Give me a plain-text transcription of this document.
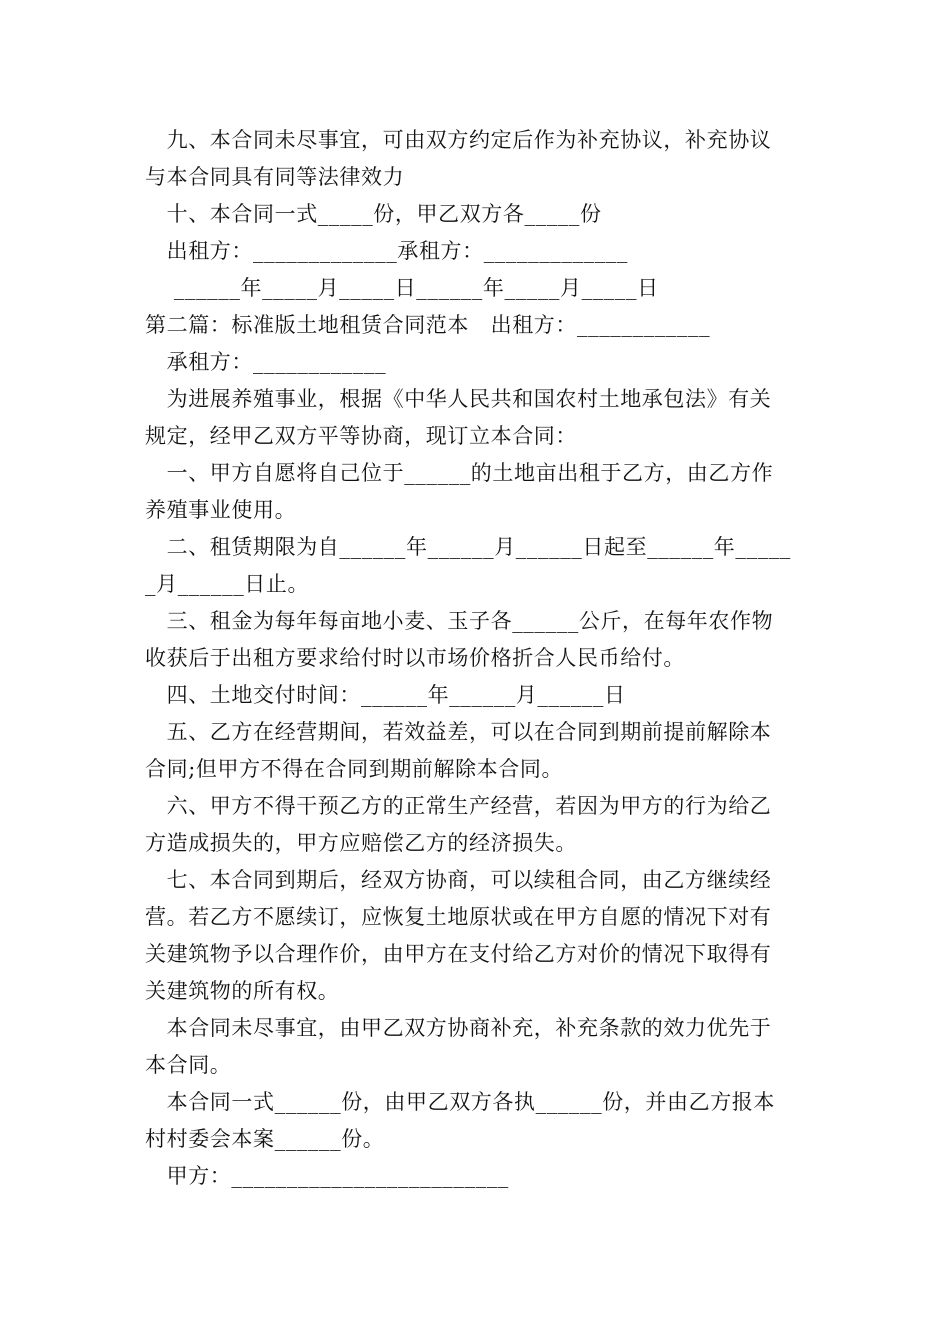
　九、本合同未尽事宜，可由双方约定后作为补充协议，补充协议
与本合同具有同等法律效力
　十、本合同一式_____份，甲乙双方各_____份
　出租方：_____________承租方：_____________
　 ______年_____月_____日______年_____月_____日
第二篇：标准版土地租赁合同范本　出租方：____________
　承租方：____________
　为进展养殖事业，根据《中华人民共和国农村土地承包法》有关
规定，经甲乙双方平等协商，现订立本合同：
　一、甲方自愿将自己位于______的土地亩出租于乙方，由乙方作
养殖事业使用。
　二、租赁期限为自______年______月______日起至______年_____
_月______日止。
　三、租金为每年每亩地小麦、玉子各______公斤，在每年农作物
收获后于出租方要求给付时以市场价格折合人民币给付。
　四、土地交付时间：______年______月______日
　五、乙方在经营期间，若效益差，可以在合同到期前提前解除本
合同;但甲方不得在合同到期前解除本合同。
　六、甲方不得干预乙方的正常生产经营，若因为甲方的行为给乙
方造成损失的，甲方应赔偿乙方的经济损失。
　七、本合同到期后，经双方协商，可以续租合同，由乙方继续经
营。若乙方不愿续订，应恢复土地原状或在甲方自愿的情况下对有
关建筑物予以合理作价，由甲方在支付给乙方对价的情况下取得有
关建筑物的所有权。
　本合同未尽事宜，由甲乙双方协商补充，补充条款的效力优先于
本合同。
　本合同一式______份，由甲乙双方各执______份，并由乙方报本
村村委会本案______份。
　甲方：_________________________
